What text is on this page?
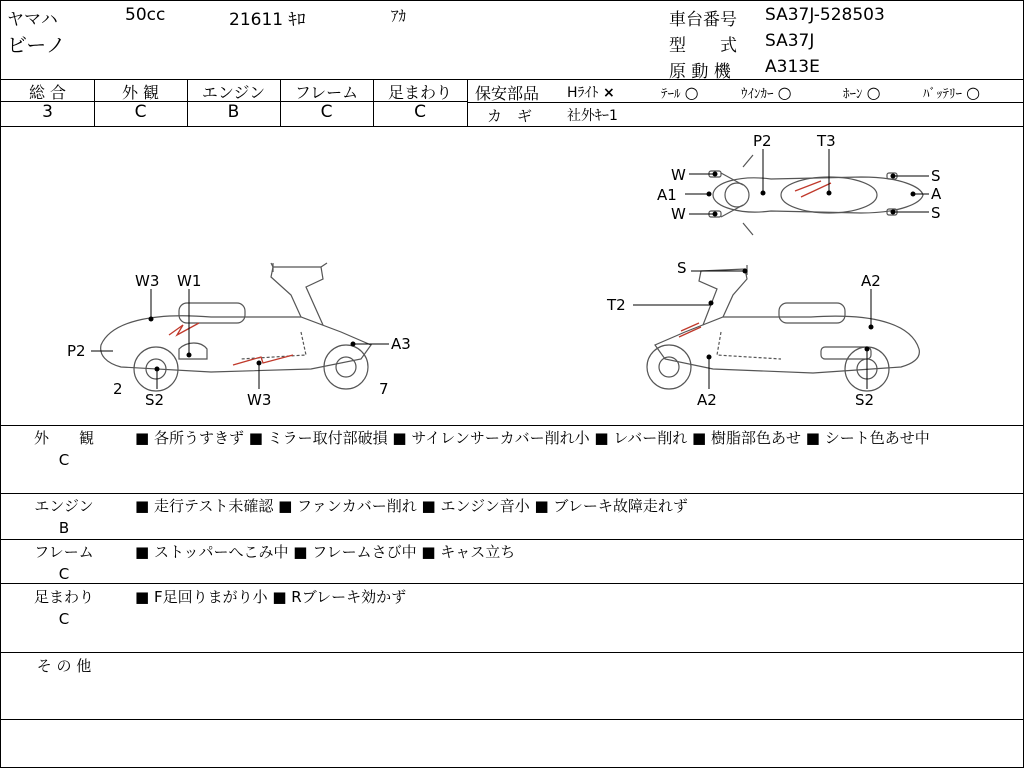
ヤマハ	50cc	21611 ｷﾛ	ｱｶ
ビーノ
車台番号 SA37J-528503
型　　式 SA37J
原 動 機 A313E
総 合	外 観	エンジン	フレーム	足まわり
3	C	B	C	C
保安部品 Hﾗｲﾄ ×	ﾃｰﾙ ○	ｳｲﾝｶｰ ○	ﾎｰﾝ ○	ﾊﾞｯﾃﾘｰ ○
カ　ギ 社外ｷｰ1
W3 W1
P2	A3
2
S2	W3
7
P2	T3
W
A1
W
S
A
S
S
T2
A2
A2	S2
外　　観
C
■ 各所うすきず ■ ミラー取付部破損 ■ サイレンサーカバー削れ小 ■ レバー削れ ■ 樹脂部色あせ ■ シート色あせ中
エンジン
B
■ 走行テスト未確認 ■ ファンカバー削れ ■ エンジン音小 ■ ブレーキ故障走れず
フレーム
C
■ ストッパーへこみ中 ■ フレームさび中 ■ キャス立ち
足まわり
C
■ F足回りまがり小 ■ Rブレーキ効かず
そ の 他
